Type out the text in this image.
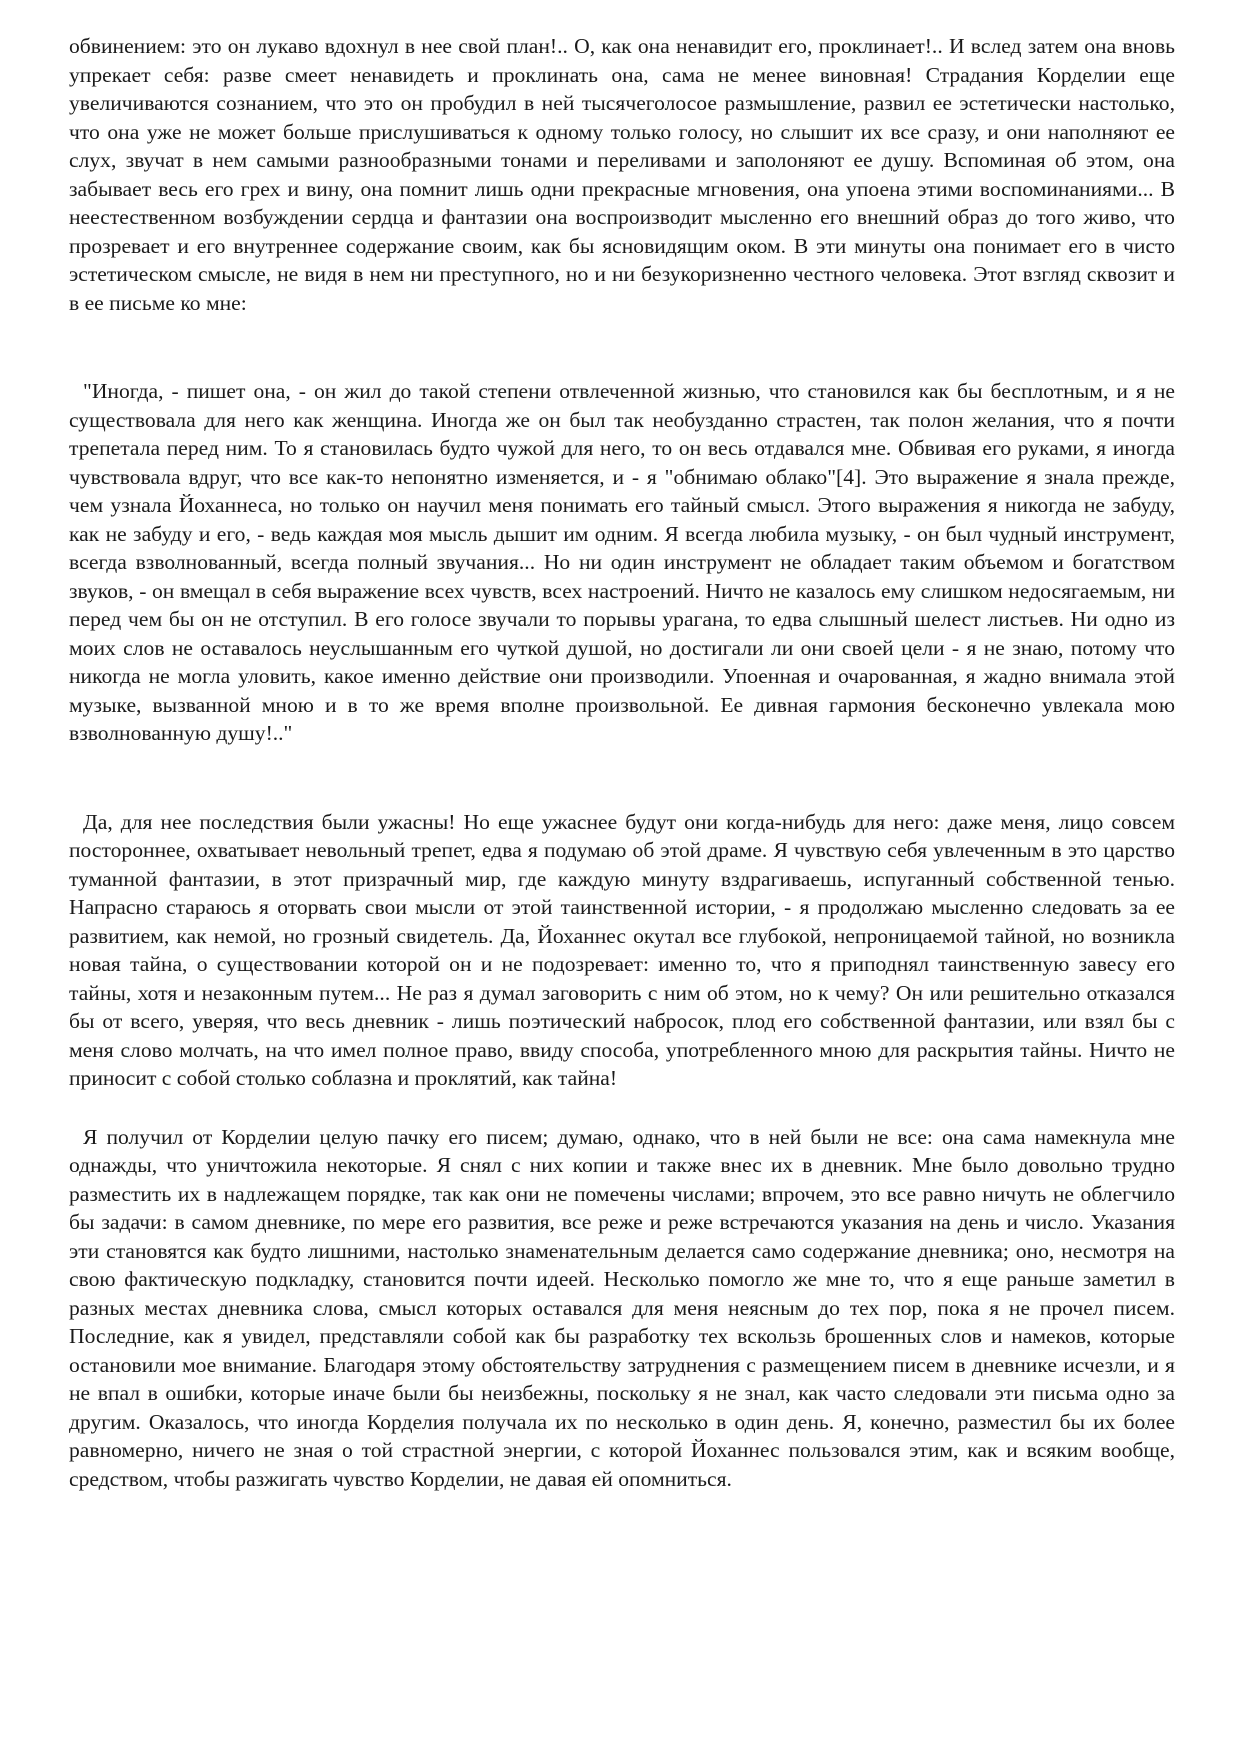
обвинением: это он лукаво вдохнул в нее свой план!.. О, как она ненавидит его, проклинает!.. И вслед затем она вновь упрекает себя: разве смеет ненавидеть и проклинать она, сама не менее виновная! Страдания Корделии еще увеличиваются сознанием, что это он пробудил в ней тысячеголосое размышление, развил ее эстетически настолько, что она уже не может больше прислушиваться к одному только голосу, но слышит их все сразу, и они наполняют ее слух, звучат в нем самыми разнообразными тонами и переливами и заполоняют ее душу. Вспоминая об этом, она забывает весь его грех и вину, она помнит лишь одни прекрасные мгновения, она упоена этими воспоминаниями... В неестественном возбуждении сердца и фантазии она воспроизводит мысленно его внешний образ до того живо, что прозревает и его внутреннее содержание своим, как бы ясновидящим оком. В эти минуты она понимает его в чисто эстетическом смысле, не видя в нем ни преступного, но и ни безукоризненно честного человека. Этот взгляд сквозит и в ее письме ко мне:

"Иногда, - пишет она, - он жил до такой степени отвлеченной жизнью, что становился как бы бесплотным, и я не существовала для него как женщина. Иногда же он был так необузданно страстен, так полон желания, что я почти трепетала перед ним. То я становилась будто чужой для него, то он весь отдавался мне. Обвивая его руками, я иногда чувствовала вдруг, что все как-то непонятно изменяется, и - я "обнимаю облако"[4]. Это выражение я знала прежде, чем узнала Йоханнеса, но только он научил меня понимать его тайный смысл. Этого выражения я никогда не забуду, как не забуду и его, - ведь каждая моя мысль дышит им одним. Я всегда любила музыку, - он был чудный инструмент, всегда взволнованный, всегда полный звучания... Но ни один инструмент не обладает таким объемом и богатством звуков, - он вмещал в себя выражение всех чувств, всех настроений. Ничто не казалось ему слишком недосягаемым, ни перед чем бы он не отступил. В его голосе звучали то порывы урагана, то едва слышный шелест листьев. Ни одно из моих слов не оставалось неуслышанным его чуткой душой, но достигали ли они своей цели - я не знаю, потому что никогда не могла уловить, какое именно действие они производили. Упоенная и очарованная, я жадно внимала этой музыке, вызванной мною и в то же время вполне произвольной. Ее дивная гармония бесконечно увлекала мою взволнованную душу!.."

Да, для нее последствия были ужасны! Но еще ужаснее будут они когда-нибудь для него: даже меня, лицо совсем постороннее, охватывает невольный трепет, едва я подумаю об этой драме. Я чувствую себя увлеченным в это царство туманной фантазии, в этот призрачный мир, где каждую минуту вздрагиваешь, испуганный собственной тенью. Напрасно стараюсь я оторвать свои мысли от этой таинственной истории, - я продолжаю мысленно следовать за ее развитием, как немой, но грозный свидетель. Да, Йоханнес окутал все глубокой, непроницаемой тайной, но возникла новая тайна, о существовании которой он и не подозревает: именно то, что я приподнял таинственную завесу его тайны, хотя и незаконным путем... Не раз я думал заговорить с ним об этом, но к чему? Он или решительно отказался бы от всего, уверяя, что весь дневник - лишь поэтический набросок, плод его собственной фантазии, или взял бы с меня слово молчать, на что имел полное право, ввиду способа, употребленного мною для раскрытия тайны. Ничто не приносит с собой столько соблазна и проклятий, как тайна!

Я получил от Корделии целую пачку его писем; думаю, однако, что в ней были не все: она сама намекнула мне однажды, что уничтожила некоторые. Я снял с них копии и также внес их в дневник. Мне было довольно трудно разместить их в надлежащем порядке, так как они не помечены числами; впрочем, это все равно ничуть не облегчило бы задачи: в самом дневнике, по мере его развития, все реже и реже встречаются указания на день и число. Указания эти становятся как будто лишними, настолько знаменательным делается само содержание дневника; оно, несмотря на свою фактическую подкладку, становится почти идеей. Несколько помогло же мне то, что я еще раньше заметил в разных местах дневника слова, смысл которых оставался для меня неясным до тех пор, пока я не прочел писем. Последние, как я увидел, представляли собой как бы разработку тех вскользь брошенных слов и намеков, которые остановили мое внимание. Благодаря этому обстоятельству затруднения с размещением писем в дневнике исчезли, и я не впал в ошибки, которые иначе были бы неизбежны, поскольку я не знал, как часто следовали эти письма одно за другим. Оказалось, что иногда Корделия получала их по несколько в один день. Я, конечно, разместил бы их более равномерно, ничего не зная о той страстной энергии, с которой Йоханнес пользовался этим, как и всяким вообще, средством, чтобы разжигать чувство Корделии, не давая ей опомниться.
